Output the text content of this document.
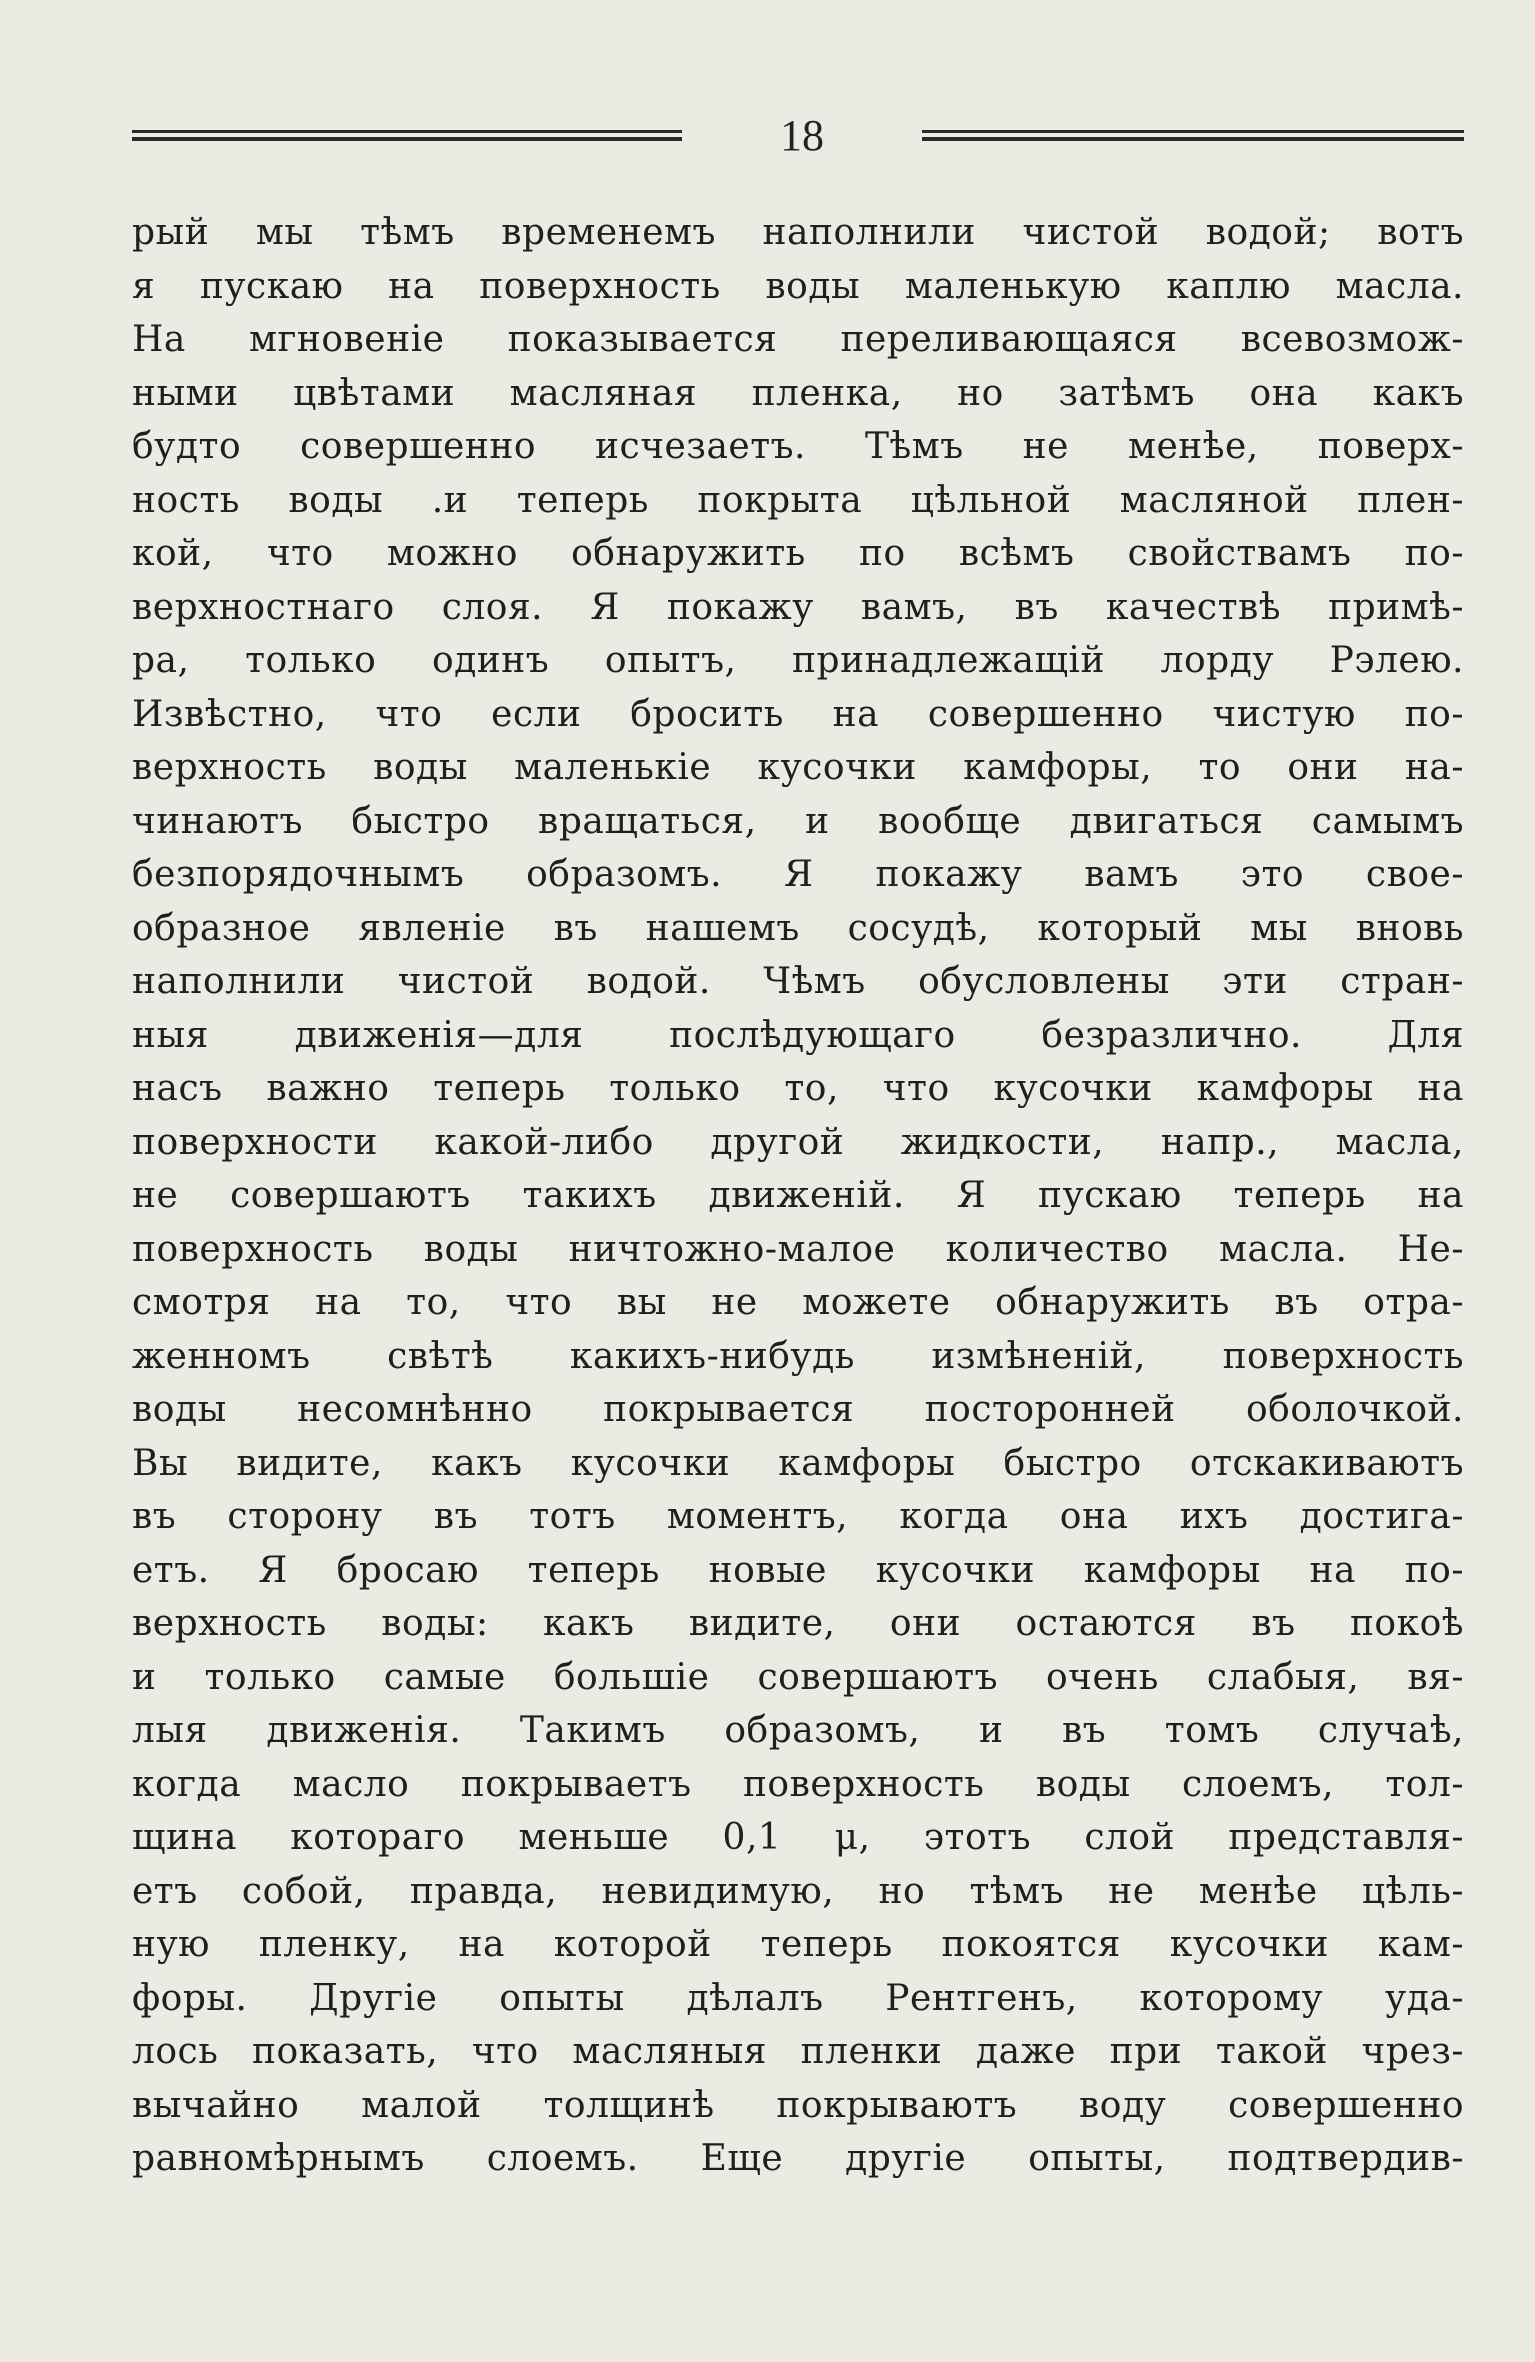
18
рый мы тѣмъ временемъ наполнили чистой водой; вотъ
я пускаю на поверхность воды маленькую каплю масла.
На мгновеніе показывается переливающаяся всевозмож-
ными цвѣтами масляная пленка, но затѣмъ она какъ
будто совершенно исчезаетъ. Тѣмъ не менѣе, поверх-
ность воды .и теперь покрыта цѣльной масляной плен-
кой, что можно обнаружить по всѣмъ свойствамъ по-
верхностнаго слоя. Я покажу вамъ, въ качествѣ примѣ-
ра, только одинъ опытъ, принадлежащій лорду Рэлею.
Извѣстно, что если бросить на совершенно чистую по-
верхность воды маленькіе кусочки камфоры, то они на-
чинаютъ быстро вращаться, и вообще двигаться самымъ
безпорядочнымъ образомъ. Я покажу вамъ это свое-
образное явленіе въ нашемъ сосудѣ, который мы вновь
наполнили чистой водой. Чѣмъ обусловлены эти стран-
ныя движенія—для послѣдующаго безразлично. Для
насъ важно теперь только то, что кусочки камфоры на
поверхности какой-либо другой жидкости, напр., масла,
не совершаютъ такихъ движеній. Я пускаю теперь на
поверхность воды ничтожно-малое количество масла. Не-
смотря на то, что вы не можете обнаружить въ отра-
женномъ свѣтѣ какихъ-нибудь измѣненій, поверхность
воды несомнѣнно покрывается посторонней оболочкой.
Вы видите, какъ кусочки камфоры быстро отскакиваютъ
въ сторону въ тотъ моментъ, когда она ихъ достига-
етъ. Я бросаю теперь новые кусочки камфоры на по-
верхность воды: какъ видите, они остаются въ покоѣ
и только самые большіе совершаютъ очень слабыя, вя-
лыя движенія. Такимъ образомъ, и въ томъ случаѣ,
когда масло покрываетъ поверхность воды слоемъ, тол-
щина котораго меньше 0,1 μ, этотъ слой представля-
етъ собой, правда, невидимую, но тѣмъ не менѣе цѣль-
ную пленку, на которой теперь покоятся кусочки кам-
форы. Другіе опыты дѣлалъ Рентгенъ, которому уда-
лось показать, что масляныя пленки даже при такой чрез-
вычайно малой толщинѣ покрываютъ воду совершенно
равномѣрнымъ слоемъ. Еще другіе опыты, подтвердив-
